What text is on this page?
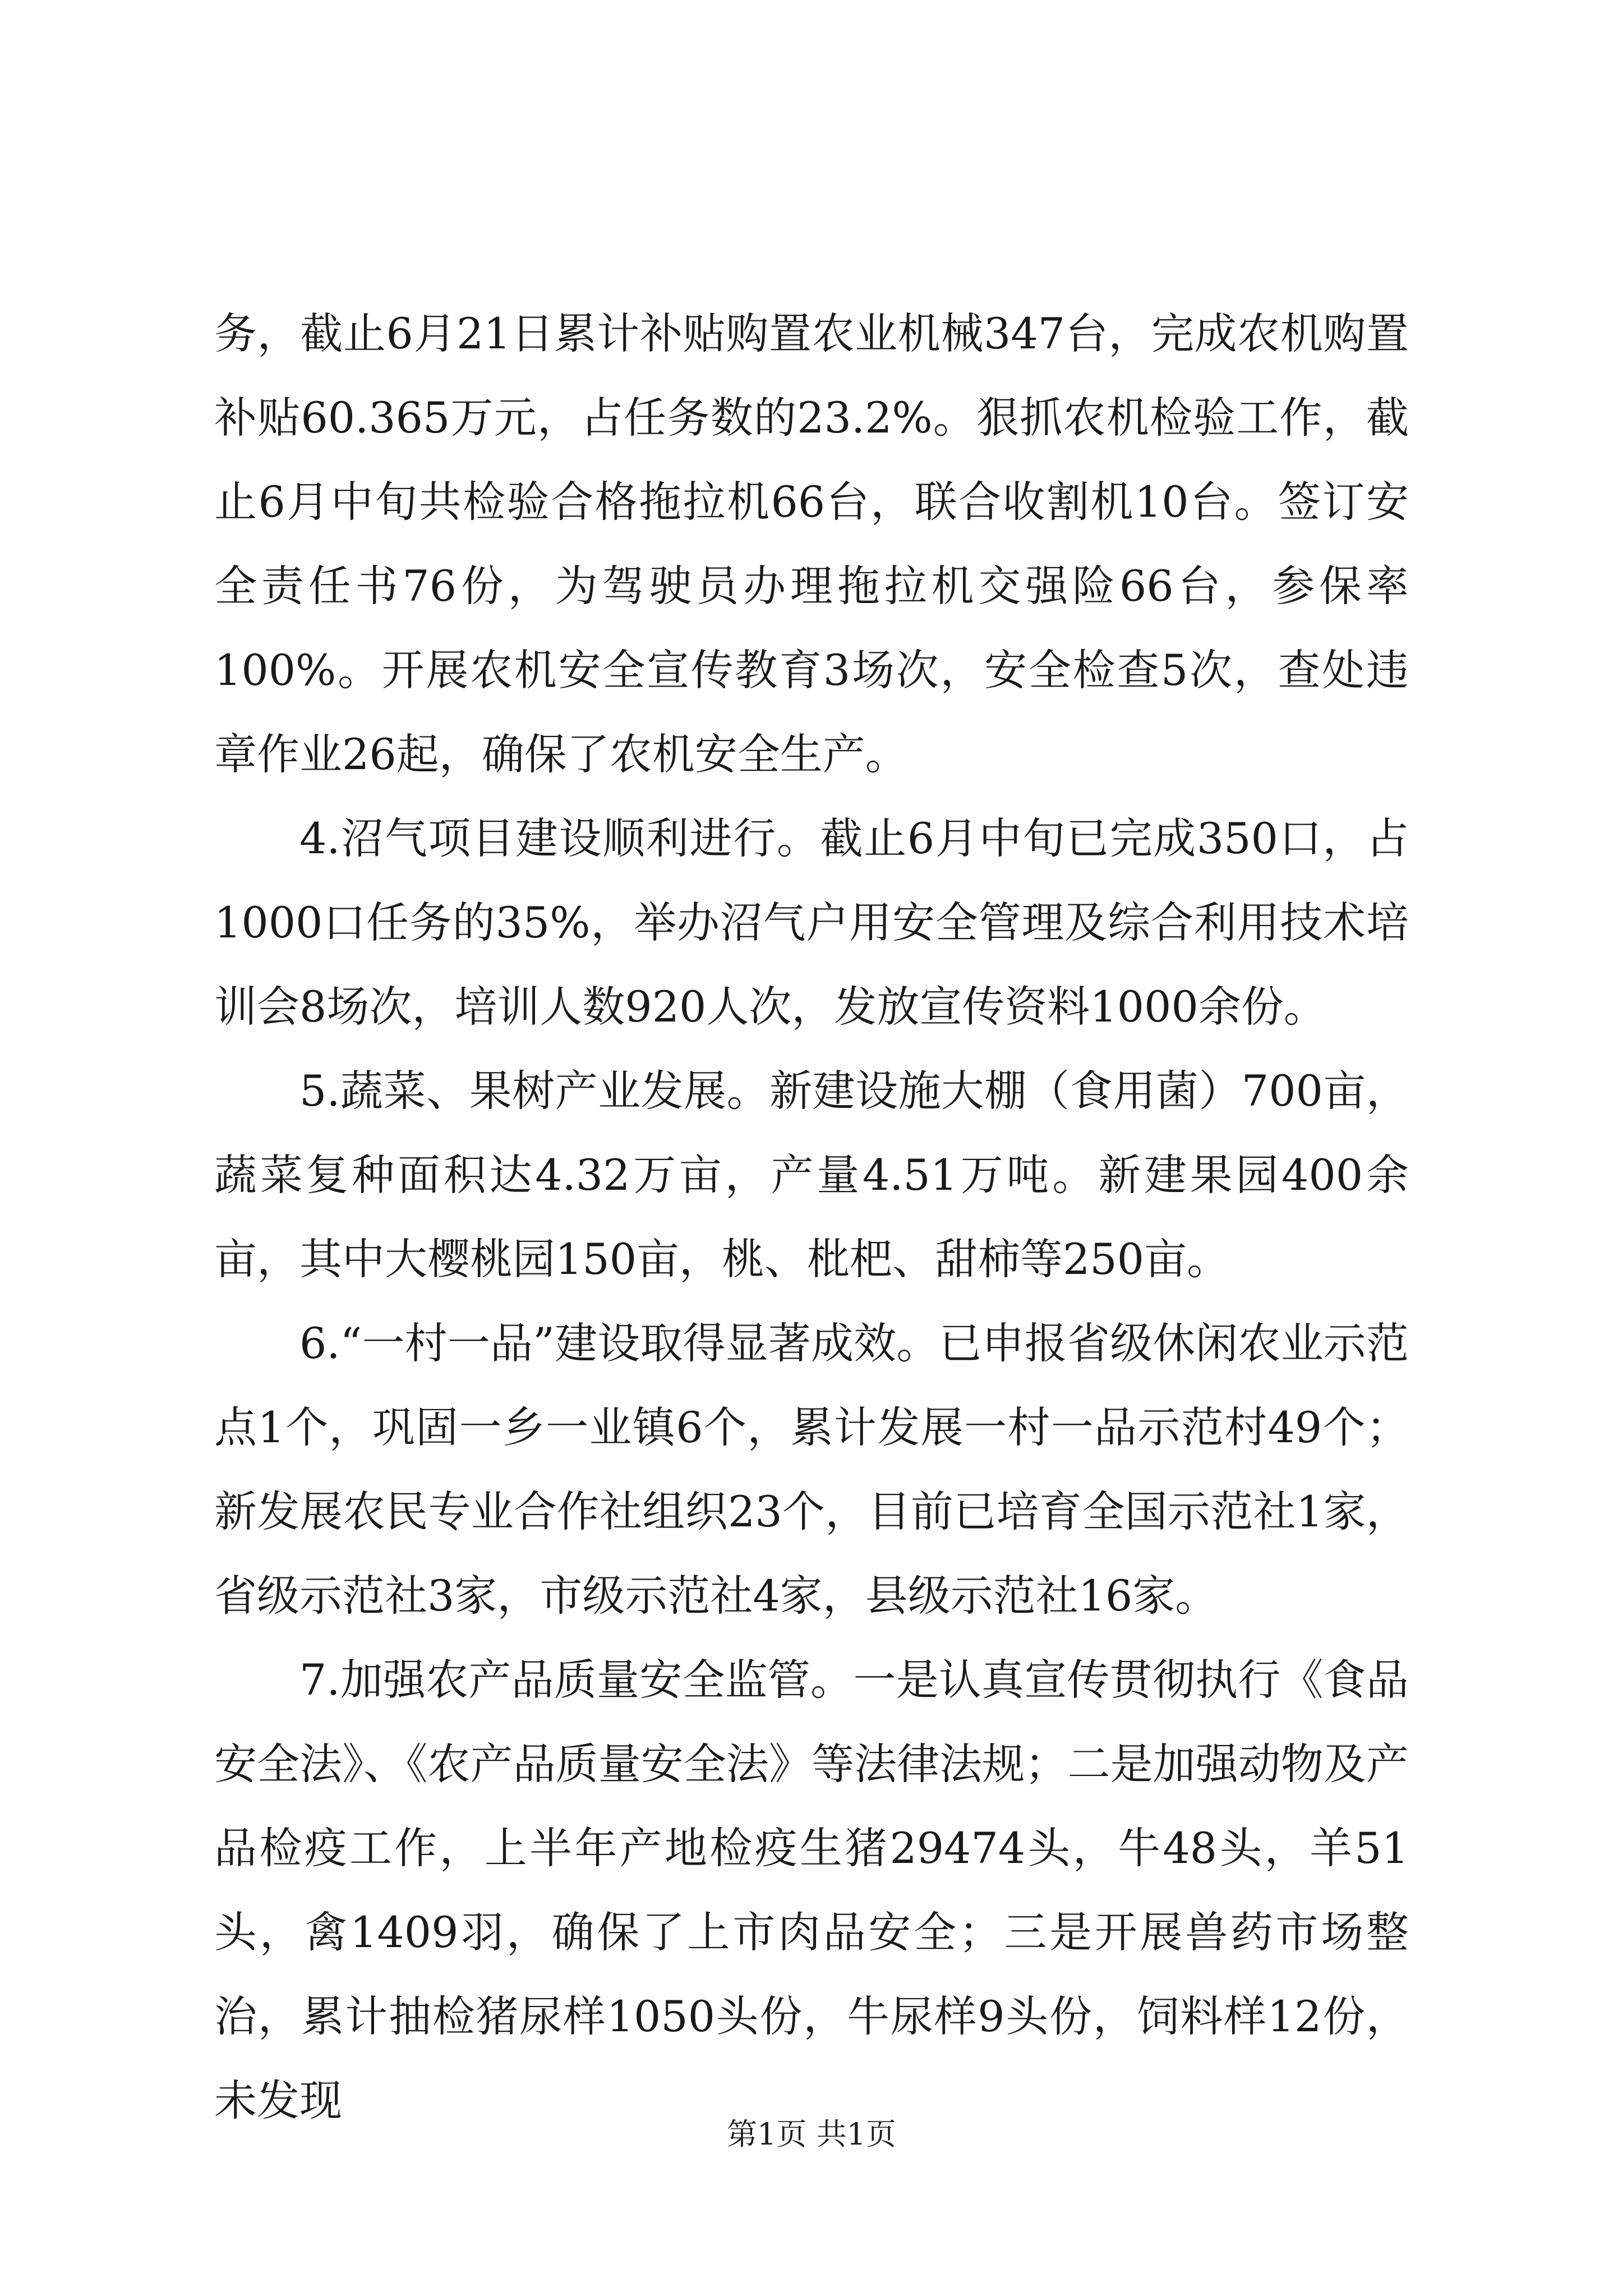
务，截止6月21日累计补贴购置农业机械347台，完成农机购置补贴60.365万元，占任务数的23.2%。狠抓农机检验工作，截止6月中旬共检验合格拖拉机66台，联合收割机10台。签订安全责任书76份，为驾驶员办理拖拉机交强险66台，参保率100%。开展农机安全宣传教育3场次，安全检查5次，查处违章作业26起，确保了农机安全生产。

4.沼气项目建设顺利进行。截止6月中旬已完成350口，占1000口任务的35%，举办沼气户用安全管理及综合利用技术培训会8场次，培训人数920人次，发放宣传资料1000余份。

5.蔬菜、果树产业发展。新建设施大棚（食用菌）700亩，蔬菜复种面积达4.32万亩，产量4.51万吨。新建果园400余亩，其中大樱桃园150亩，桃、枇杷、甜柿等250亩。

6.“一村一品”建设取得显著成效。已申报省级休闲农业示范点1个，巩固一乡一业镇6个，累计发展一村一品示范村49个；新发展农民专业合作社组织23个，目前已培育全国示范社1家，省级示范社3家，市级示范社4家，县级示范社16家。

7.加强农产品质量安全监管。一是认真宣传贯彻执行《食品安全法》、《农产品质量安全法》等法律法规；二是加强动物及产品检疫工作，上半年产地检疫生猪29474头，牛48头，羊51头，禽1409羽，确保了上市肉品安全；三是开展兽药市场整治，累计抽检猪尿样1050头份，牛尿样9头份，饲料样12份，未发现

第1页 共1页
